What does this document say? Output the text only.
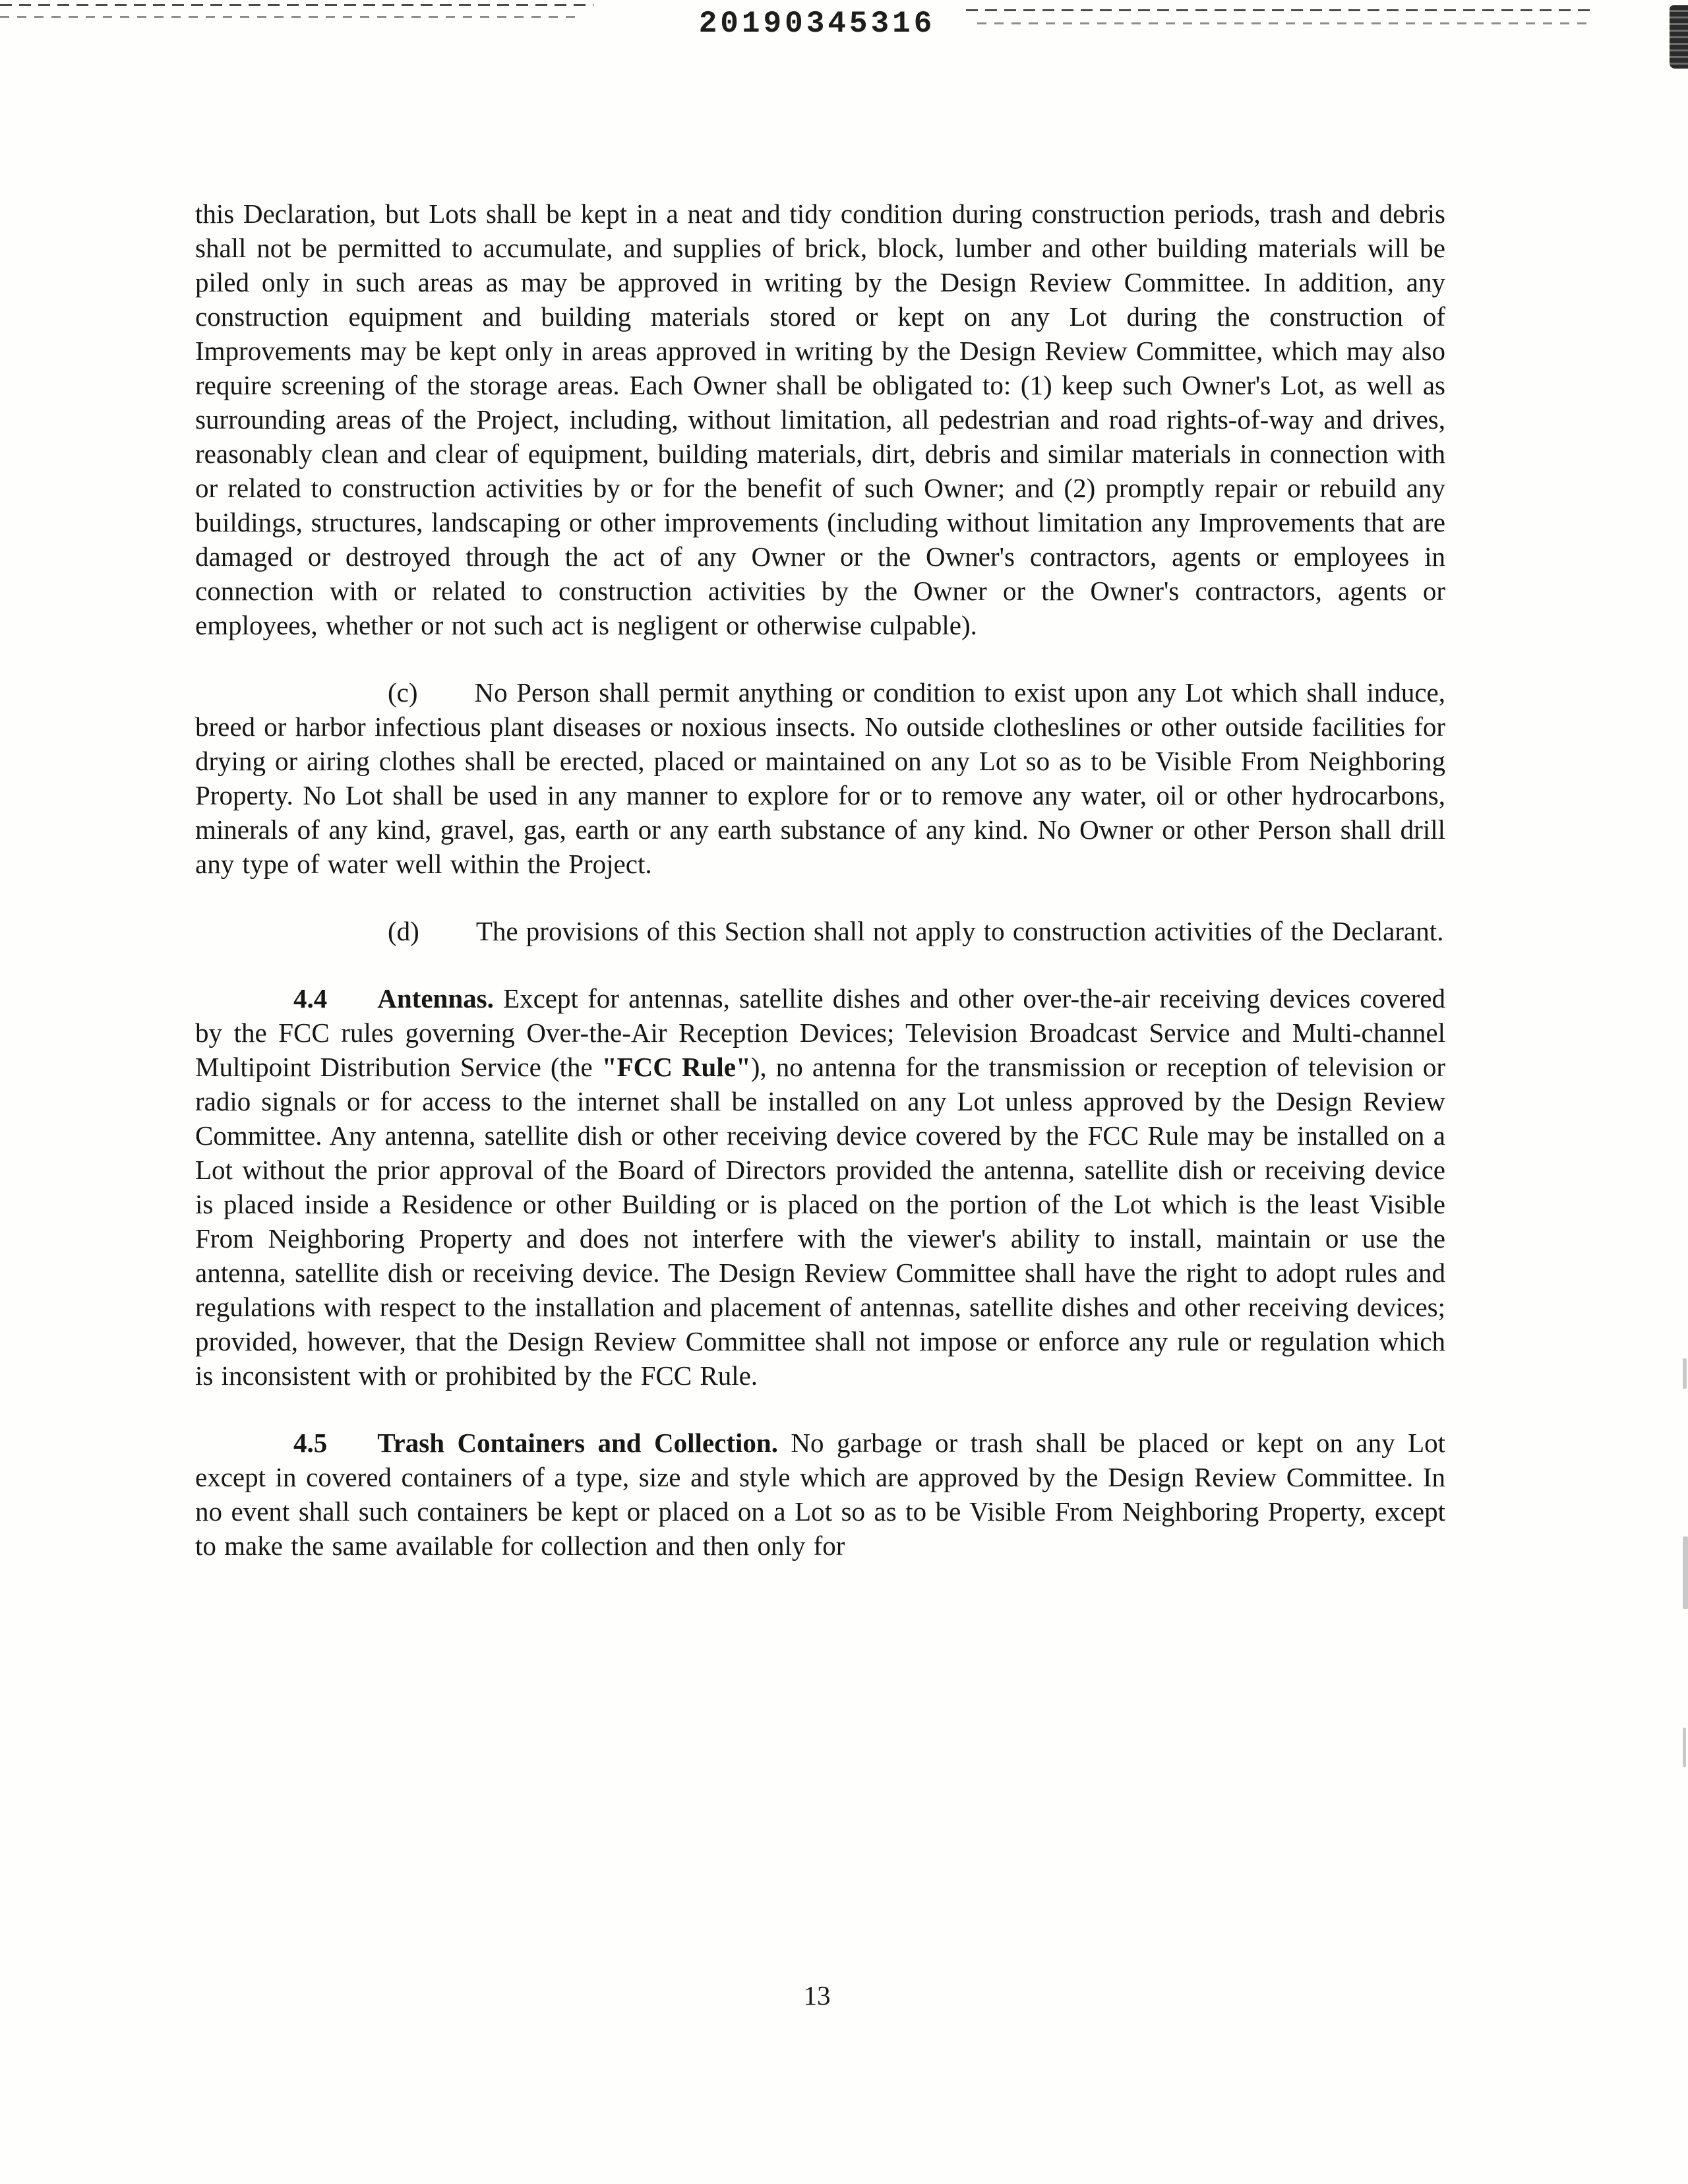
20190345316

this Declaration, but Lots shall be kept in a neat and tidy condition during construction periods, trash and debris shall not be permitted to accumulate, and supplies of brick, block, lumber and other building materials will be piled only in such areas as may be approved in writing by the Design Review Committee. In addition, any construction equipment and building materials stored or kept on any Lot during the construction of Improvements may be kept only in areas approved in writing by the Design Review Committee, which may also require screening of the storage areas. Each Owner shall be obligated to: (1) keep such Owner's Lot, as well as surrounding areas of the Project, including, without limitation, all pedestrian and road rights-of-way and drives, reasonably clean and clear of equipment, building materials, dirt, debris and similar materials in connection with or related to construction activities by or for the benefit of such Owner; and (2) promptly repair or rebuild any buildings, structures, landscaping or other improvements (including without limitation any Improvements that are damaged or destroyed through the act of any Owner or the Owner's contractors, agents or employees in connection with or related to construction activities by the Owner or the Owner's contractors, agents or employees, whether or not such act is negligent or otherwise culpable).

(c) No Person shall permit anything or condition to exist upon any Lot which shall induce, breed or harbor infectious plant diseases or noxious insects. No outside clotheslines or other outside facilities for drying or airing clothes shall be erected, placed or maintained on any Lot so as to be Visible From Neighboring Property. No Lot shall be used in any manner to explore for or to remove any water, oil or other hydrocarbons, minerals of any kind, gravel, gas, earth or any earth substance of any kind. No Owner or other Person shall drill any type of water well within the Project.

(d) The provisions of this Section shall not apply to construction activities of the Declarant.

4.4 Antennas. Except for antennas, satellite dishes and other over-the-air receiving devices covered by the FCC rules governing Over-the-Air Reception Devices; Television Broadcast Service and Multi-channel Multipoint Distribution Service (the "FCC Rule"), no antenna for the transmission or reception of television or radio signals or for access to the internet shall be installed on any Lot unless approved by the Design Review Committee. Any antenna, satellite dish or other receiving device covered by the FCC Rule may be installed on a Lot without the prior approval of the Board of Directors provided the antenna, satellite dish or receiving device is placed inside a Residence or other Building or is placed on the portion of the Lot which is the least Visible From Neighboring Property and does not interfere with the viewer's ability to install, maintain or use the antenna, satellite dish or receiving device. The Design Review Committee shall have the right to adopt rules and regulations with respect to the installation and placement of antennas, satellite dishes and other receiving devices; provided, however, that the Design Review Committee shall not impose or enforce any rule or regulation which is inconsistent with or prohibited by the FCC Rule.

4.5 Trash Containers and Collection. No garbage or trash shall be placed or kept on any Lot except in covered containers of a type, size and style which are approved by the Design Review Committee. In no event shall such containers be kept or placed on a Lot so as to be Visible From Neighboring Property, except to make the same available for collection and then only for

13
